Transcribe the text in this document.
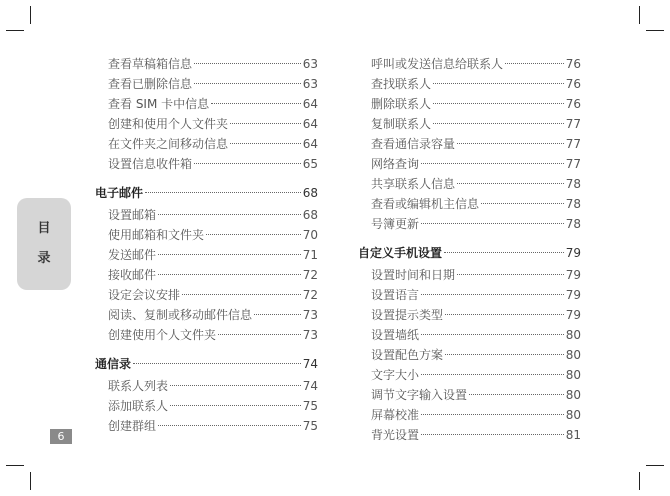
目
录
6
查看草稿箱信息	63
查看已删除信息	63
查看 SIM 卡中信息	64
创建和使用个人文件夹	64
在文件夹之间移动信息	64
设置信息收件箱	65
电子邮件	68
设置邮箱	68
使用邮箱和文件夹	70
发送邮件	71
接收邮件	72
设定会议安排	72
阅读、复制或移动邮件信息	73
创建使用个人文件夹	73
通信录	74
联系人列表	74
添加联系人	75
创建群组	75
呼叫或发送信息给联系人	76
查找联系人	76
删除联系人	76
复制联系人	77
查看通信录容量	77
网络查询	77
共享联系人信息	78
查看或编辑机主信息	78
号簿更新	78
自定义手机设置	79
设置时间和日期	79
设置语言	79
设置提示类型	79
设置墙纸	80
设置配色方案	80
文字大小	80
调节文字输入设置	80
屏幕校准	80
背光设置	81
